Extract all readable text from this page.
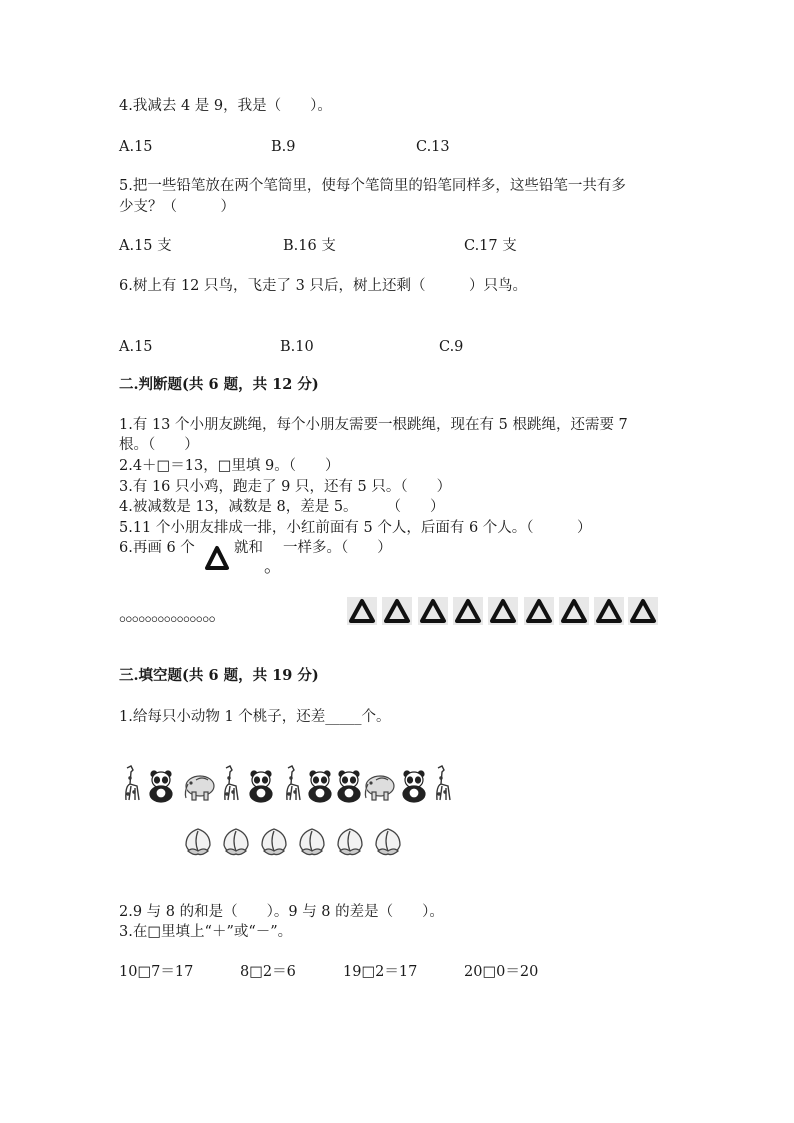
4.我减去 4 是 9，我是（　　）。
A.15	B.9	C.13
5.把一些铅笔放在两个笔筒里，使每个笔筒里的铅笔同样多，这些铅笔一共有多
少支？（　　　）
A.15 支	B.16 支	C.17 支
6.树上有 12 只鸟，飞走了 3 只后，树上还剩（　　　）只鸟。
A.15	B.10	C.9
二.判断题(共 6 题，共 12 分)
1.有 13 个小朋友跳绳，每个小朋友需要一根跳绳，现在有 5 根跳绳，还需要 7
根。（　　）
2.4＋□＝13，□里填 9。（　　）
3.有 16 只小鸡，跑走了 9 只，还有 5 只。（　　）
4.被减数是 13，减数是 8，差是 5。　　　（　　）
5.11 个小朋友排成一排，小红前面有 5 个人，后面有 6 个人。（　　　）
6.再画 6 个	就和
。
一样多。（　　）
。。。。。。。。。。。。。。。
三.填空题(共 6 题，共 19 分)
1.给每只小动物 1 个桃子，还差_____个。
2.9 与 8 的和是（　　）。9 与 8 的差是（　　）。
3.在□里填上“＋”或“－”。
10□7＝17	8□2＝6	19□2＝17	20□0＝20
